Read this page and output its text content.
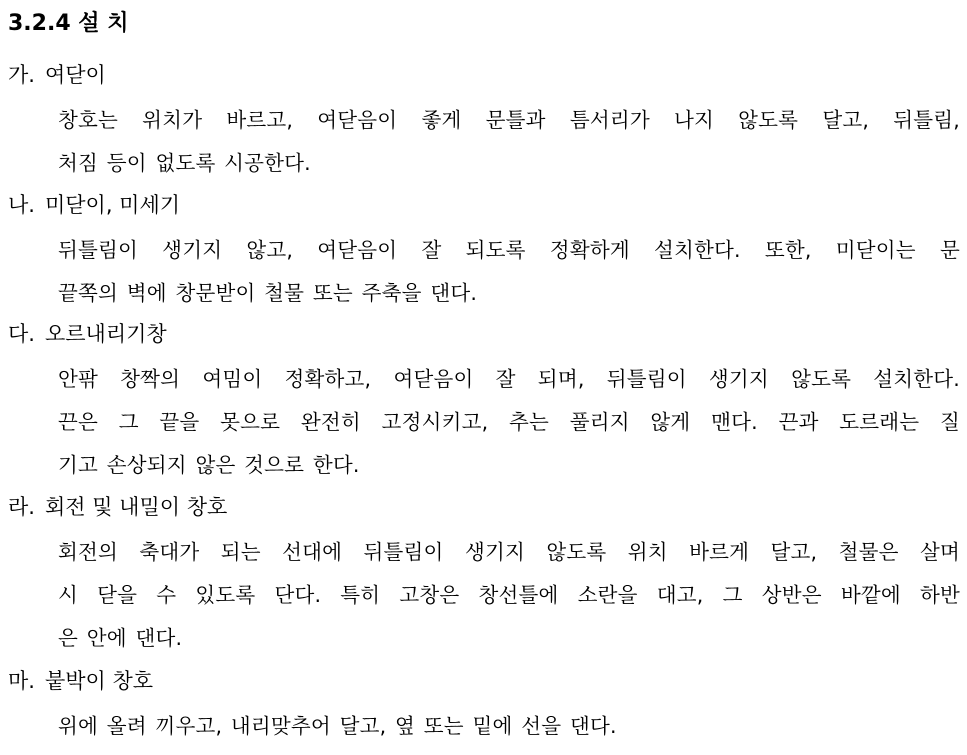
3.2.4 설 치
가. 여닫이
창호는 위치가 바르고, 여닫음이 좋게 문틀과 틈서리가 나지 않도록 달고, 뒤틀림,
처짐 등이 없도록 시공한다.
나. 미닫이, 미세기
뒤틀림이 생기지 않고, 여닫음이 잘 되도록 정확하게 설치한다. 또한, 미닫이는 문
끝쪽의 벽에 창문받이 철물 또는 주축을 댄다.
다. 오르내리기창
안팎 창짝의 여밈이 정확하고, 여닫음이 잘 되며, 뒤틀림이 생기지 않도록 설치한다.
끈은 그 끝을 못으로 완전히 고정시키고, 추는 풀리지 않게 맨다. 끈과 도르래는 질
기고 손상되지 않은 것으로 한다.
라. 회전 및 내밀이 창호
회전의 축대가 되는 선대에 뒤틀림이 생기지 않도록 위치 바르게 달고, 철물은 살며
시 닫을 수 있도록 단다. 특히 고창은 창선틀에 소란을 대고, 그 상반은 바깥에 하반
은 안에 댄다.
마. 붙박이 창호
위에 올려 끼우고, 내리맞추어 달고, 옆 또는 밑에 선을 댄다.
